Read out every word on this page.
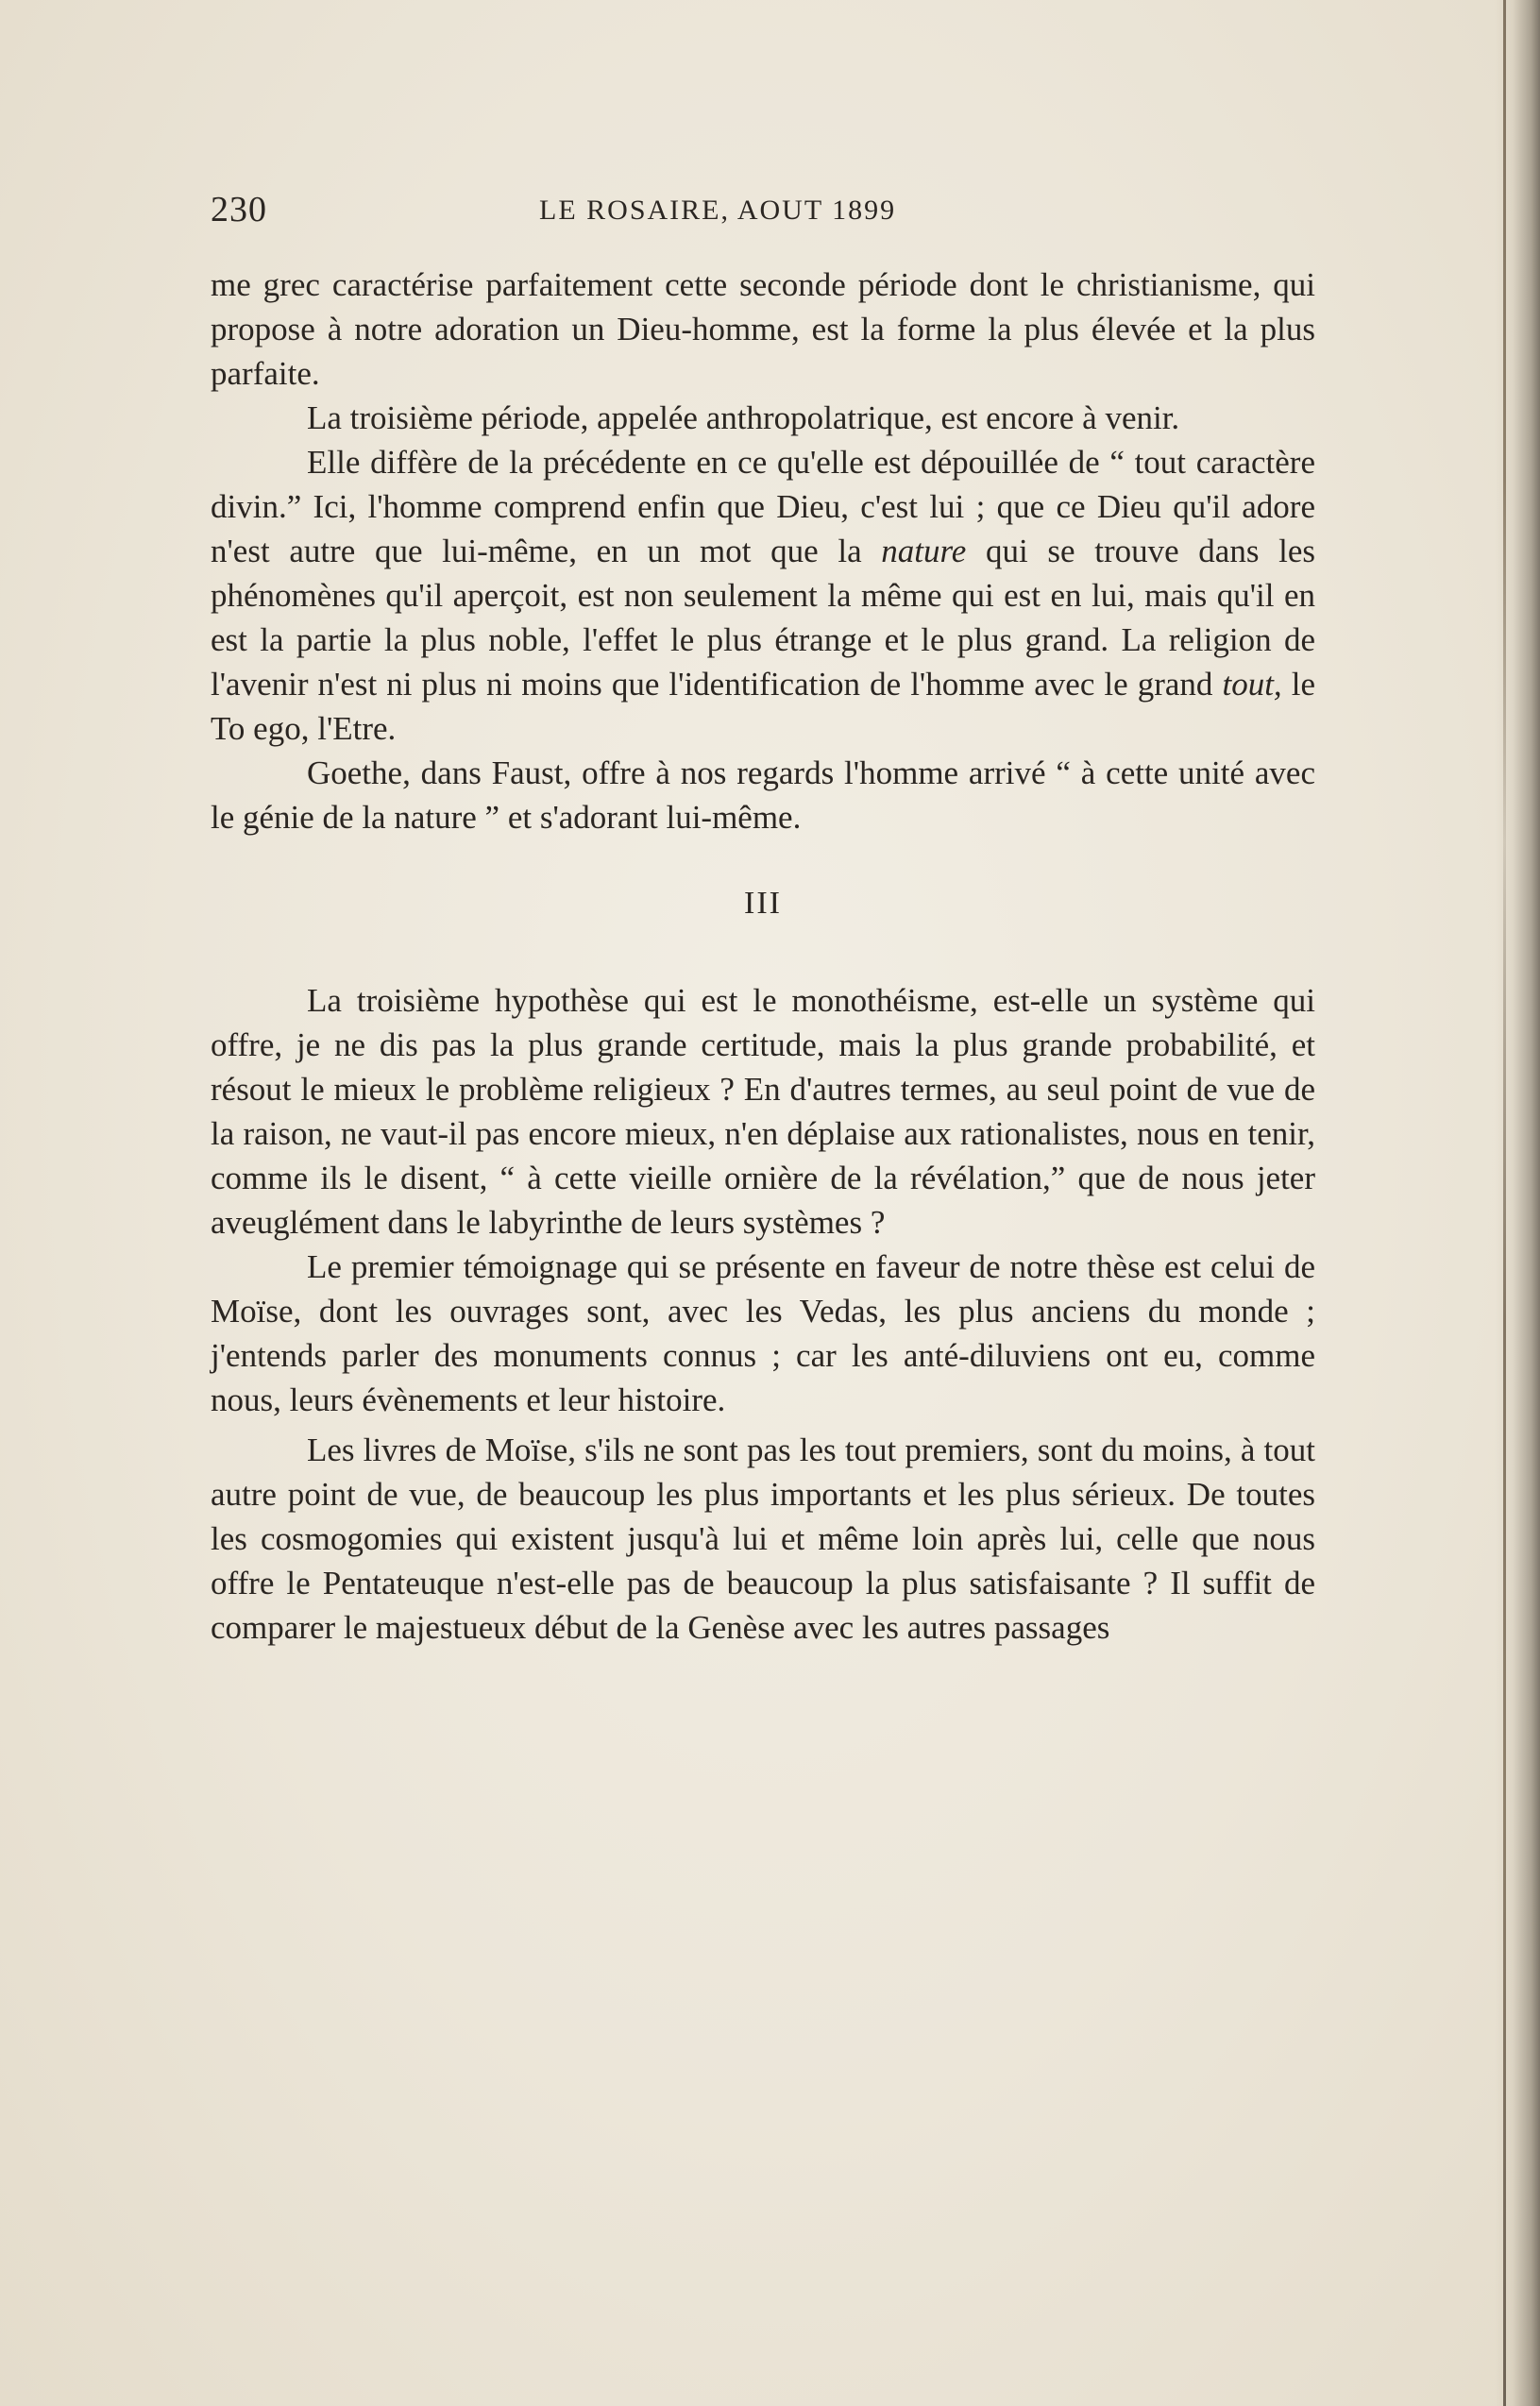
230	LE ROSAIRE, AOUT 1899

me grec caractérise parfaitement cette seconde période dont le christianisme, qui propose à notre adoration un Dieu-homme, est la forme la plus élevée et la plus parfaite.

La troisième période, appelée anthropolatrique, est encore à venir.

Elle diffère de la précédente en ce qu'elle est dépouillée de “ tout caractère divin.” Ici, l'homme comprend enfin que Dieu, c'est lui ; que ce Dieu qu'il adore n'est autre que lui-même, en un mot que la nature qui se trouve dans les phénomènes qu'il aperçoit, est non seulement la même qui est en lui, mais qu'il en est la partie la plus noble, l'effet le plus étrange et le plus grand. La religion de l'avenir n'est ni plus ni moins que l'identification de l'homme avec le grand tout, le To ego, l'Etre.

Goethe, dans Faust, offre à nos regards l'homme arrivé “ à cette unité avec le génie de la nature ” et s'adorant lui-même.

III

La troisième hypothèse qui est le monothéisme, est-elle un système qui offre, je ne dis pas la plus grande certitude, mais la plus grande probabilité, et résout le mieux le problème religieux ? En d'autres termes, au seul point de vue de la raison, ne vaut-il pas encore mieux, n'en déplaise aux rationalistes, nous en tenir, comme ils le disent, “ à cette vieille ornière de la révélation,” que de nous jeter aveuglément dans le labyrinthe de leurs systèmes ?

Le premier témoignage qui se présente en faveur de notre thèse est celui de Moïse, dont les ouvrages sont, avec les Vedas, les plus anciens du monde ; j'entends parler des monuments connus ; car les anté-diluviens ont eu, comme nous, leurs évènements et leur histoire.

Les livres de Moïse, s'ils ne sont pas les tout premiers, sont du moins, à tout autre point de vue, de beaucoup les plus importants et les plus sérieux. De toutes les cosmogomies qui existent jusqu'à lui et même loin après lui, celle que nous offre le Pentateuque n'est-elle pas de beaucoup la plus satisfaisante ? Il suffit de comparer le majestueux début de la Genèse avec les autres passages
